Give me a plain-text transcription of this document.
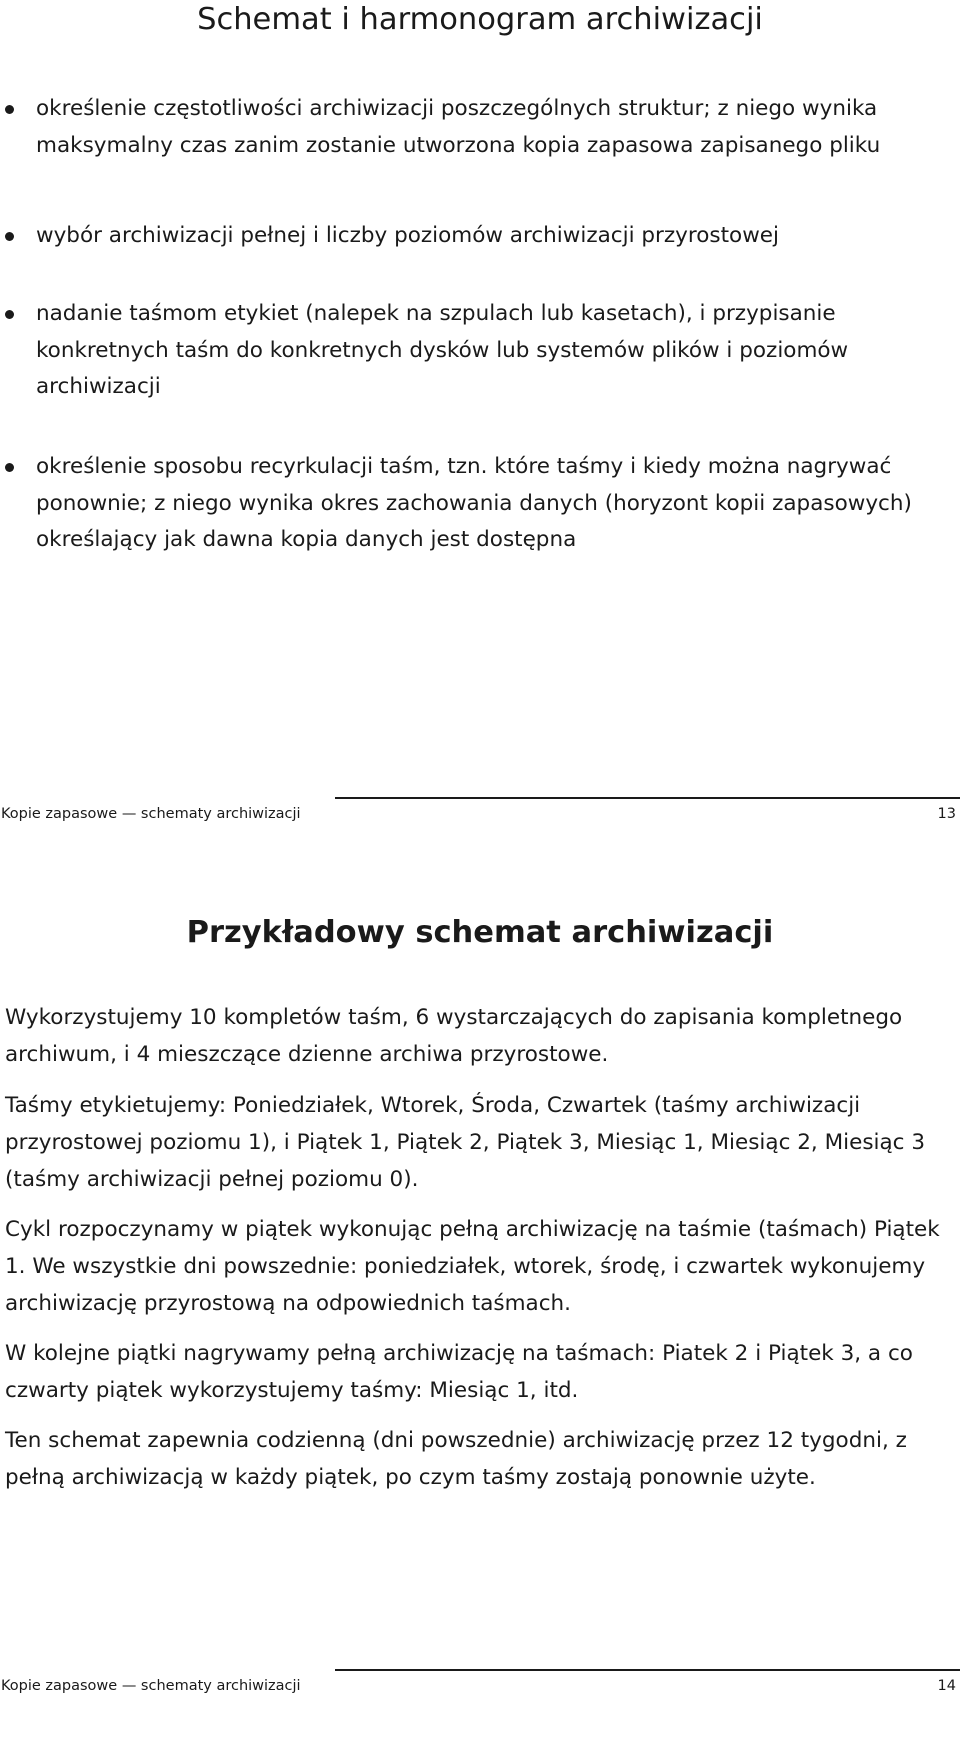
Schemat i harmonogram archiwizacji
określenie częstotliwości archiwizacji poszczególnych struktur; z niego wynika maksymalny czas zanim zostanie utworzona kopia zapasowa zapisanego pliku
wybór archiwizacji pełnej i liczby poziomów archiwizacji przyrostowej
nadanie taśmom etykiet (nalepek na szpulach lub kasetach), i przypisanie konkretnych taśm do konkretnych dysków lub systemów plików i poziomów archiwizacji
określenie sposobu recyrkulacji taśm, tzn. które taśmy i kiedy można nagrywać ponownie; z niego wynika okres zachowania danych (horyzont kopii zapasowych) określający jak dawna kopia danych jest dostępna
Kopie zapasowe — schematy archiwizacji	13
Przykładowy schemat archiwizacji

Wykorzystujemy 10 kompletów taśm, 6 wystarczających do zapisania kompletnego archiwum, i 4 mieszczące dzienne archiwa przyrostowe.

Taśmy etykietujemy: Poniedziałek, Wtorek, Środa, Czwartek (taśmy archiwizacji przyrostowej poziomu 1), i Piątek 1, Piątek 2, Piątek 3, Miesiąc 1, Miesiąc 2, Miesiąc 3 (taśmy archiwizacji pełnej poziomu 0).

Cykl rozpoczynamy w piątek wykonując pełną archiwizację na taśmie (taśmach) Piątek 1. We wszystkie dni powszednie: poniedziałek, wtorek, środę, i czwartek wykonujemy archiwizację przyrostową na odpowiednich taśmach.

W kolejne piątki nagrywamy pełną archiwizację na taśmach: Piatek 2 i Piątek 3, a co czwarty piątek wykorzystujemy taśmy: Miesiąc 1, itd.

Ten schemat zapewnia codzienną (dni powszednie) archiwizację przez 12 tygodni, z pełną archiwizacją w każdy piątek, po czym taśmy zostają ponownie użyte.

Kopie zapasowe — schematy archiwizacji	14
